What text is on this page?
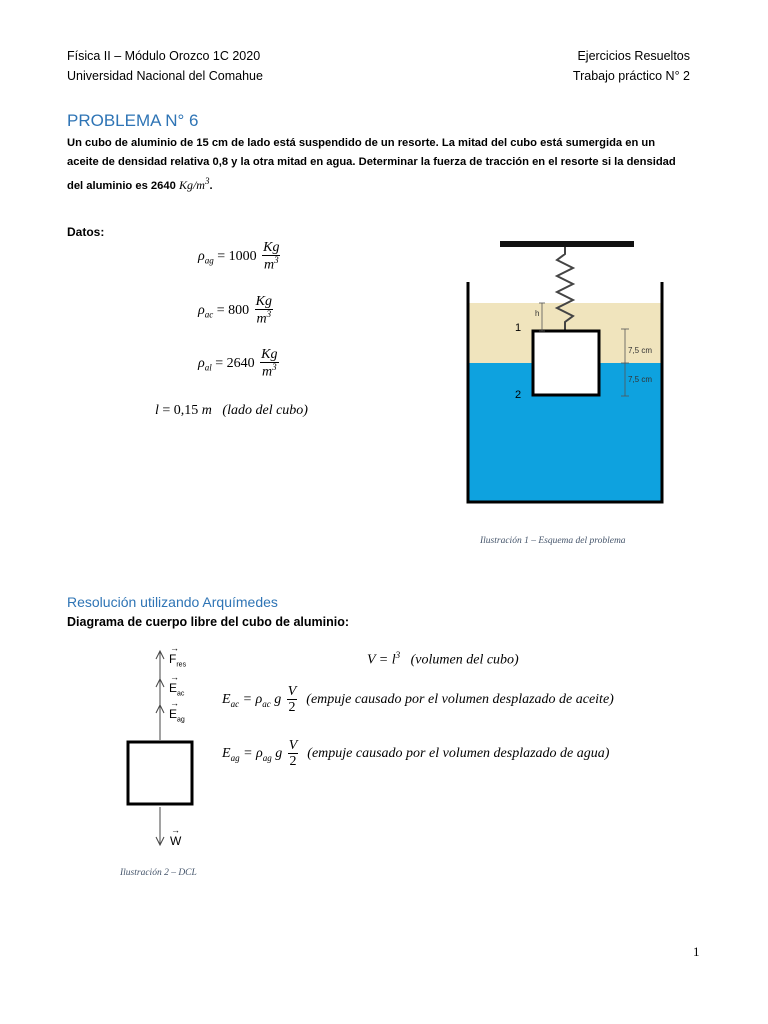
Física II – Módulo Orozco 1C 2020
Universidad Nacional del Comahue
Ejercicios Resueltos
Trabajo práctico N° 2
PROBLEMA N° 6
Un cubo de aluminio de 15 cm de lado está suspendido de un resorte. La mitad del cubo está sumergida en un
aceite de densidad relativa 0,8 y la otra mitad en agua. Determinar la fuerza de tracción en el resorte si la densidad
del aluminio es 2640 $Kg/m^3$.
Datos:
$\rho_{ag} = 1000 \frac{Kg}{m^3}$
$\rho_{ac} = 800 \frac{Kg}{m^3}$
$\rho_{al} = 2640 \frac{Kg}{m^3}$
l = 0,15 m (lado del cubo)
h
1
2
7,5 cm
7,5 cm
Ilustración 1 – Esquema del problema
Resolución utilizando Arquímedes
Diagrama de cuerpo libre del cubo de aluminio:
→
$F_{res}$
→
$E_{ac}$
→
$E_{ag}$
→
W
Ilustración 2 – DCL
$V = l^3$ (volumen del cubo)
$E_{ac} = \rho_{ac}$ g $\frac{V}{2}$ (empuje causado por el volumen desplazado de aceite)
$E_{ag} = \rho_{ag}$ g $\frac{V}{2}$ (empuje causado por el volumen desplazado de agua)
1
